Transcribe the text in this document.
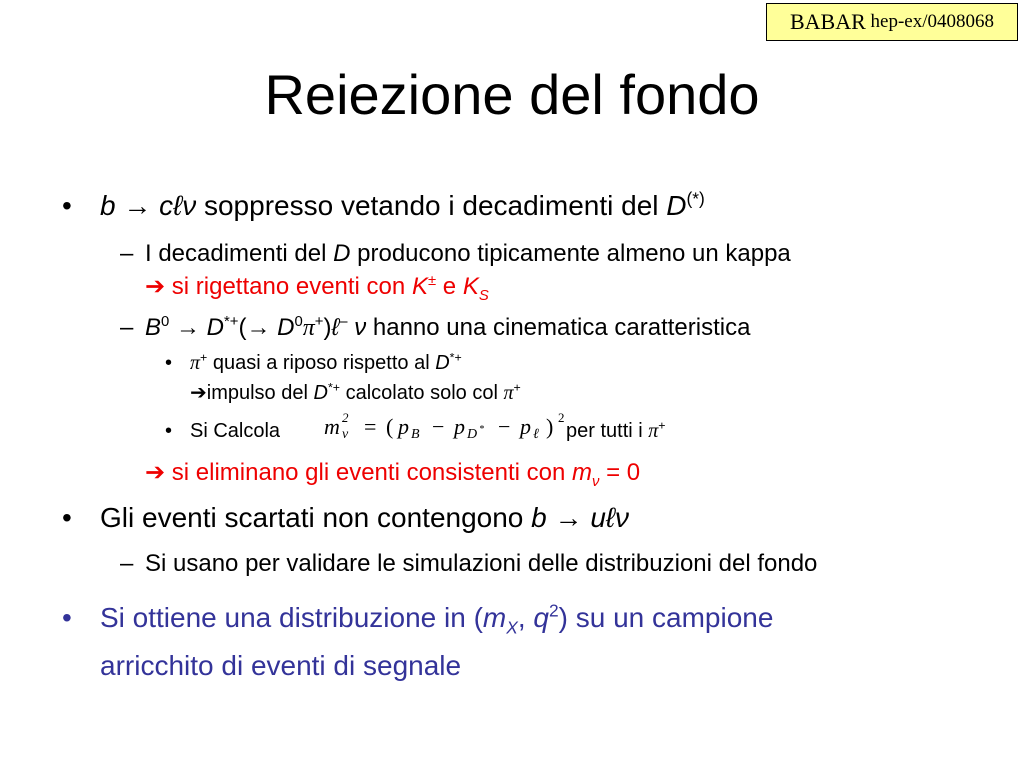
BABAR
hep-ex/0408068
Reiezione del fondo
• b → cℓν soppresso vetando i decadimenti del D(*)
– I decadimenti del D producono tipicamente almeno un kappa
➔ si rigettano eventi con K± e $K_S$
– $B^0 \to D^{*+}(\to$ $D^0\pi^+)\ell^-$ ν hanno una cinematica caratteristica
• π+ quasi a riposo rispetto al D*+
➔impulso del D*+ calcolato solo col π+
• Si Calcola m 2
ν = ( p B − p D * − p ℓ ) 2
per tutti i π+
➔ si eliminano gli eventi consistenti con $m_\nu = 0$
• Gli eventi scartati non contengono b → uℓν
– Si usano per validare le simulazioni delle distribuzioni del fondo
• Si ottiene una distribuzione in ($m_X$, $q^2$) su un campione
arricchito di eventi di segnale
